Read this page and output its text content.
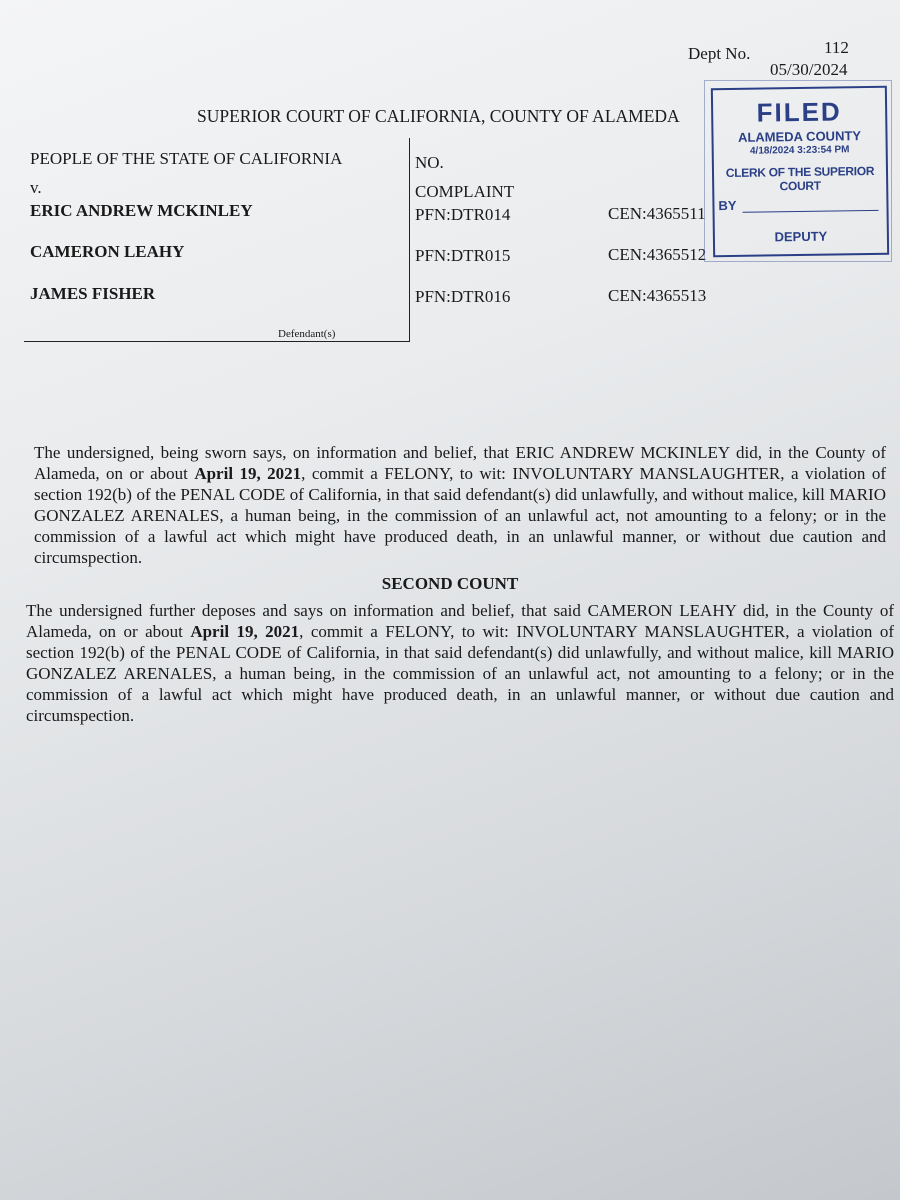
Dept No.	112
05/30/2024
SUPERIOR COURT OF CALIFORNIA, COUNTY OF ALAMEDA
PEOPLE OF THE STATE OF CALIFORNIA
v.
NO.
COMPLAINT
ERIC ANDREW MCKINLEY	PFN:DTR014	CEN:4365511
CAMERON LEAHY	PFN:DTR015	CEN:4365512
JAMES FISHER	PFN:DTR016	CEN:4365513
Defendant(s)
FILED
ALAMEDA COUNTY
4/18/2024 3:23:54 PM
CLERK OF THE SUPERIOR COURT
BY
DEPUTY
The undersigned, being sworn says, on information and belief, that ERIC ANDREW MCKINLEY did, in the County of Alameda, on or about April 19, 2021, commit a FELONY, to wit: INVOLUNTARY MANSLAUGHTER, a violation of section 192(b) of the PENAL CODE of California, in that said defendant(s) did unlawfully, and without malice, kill MARIO GONZALEZ ARENALES, a human being, in the commission of an unlawful act, not amounting to a felony; or in the commission of a lawful act which might have produced death, in an unlawful manner, or without due caution and circumspection.
SECOND COUNT
The undersigned further deposes and says on information and belief, that said CAMERON LEAHY did, in the County of Alameda, on or about April 19, 2021, commit a FELONY, to wit: INVOLUNTARY MANSLAUGHTER, a violation of section 192(b) of the PENAL CODE of California, in that said defendant(s) did unlawfully, and without malice, kill MARIO GONZALEZ ARENALES, a human being, in the commission of an unlawful act, not amounting to a felony; or in the commission of a lawful act which might have produced death, in an unlawful manner, or without due caution and circumspection.
